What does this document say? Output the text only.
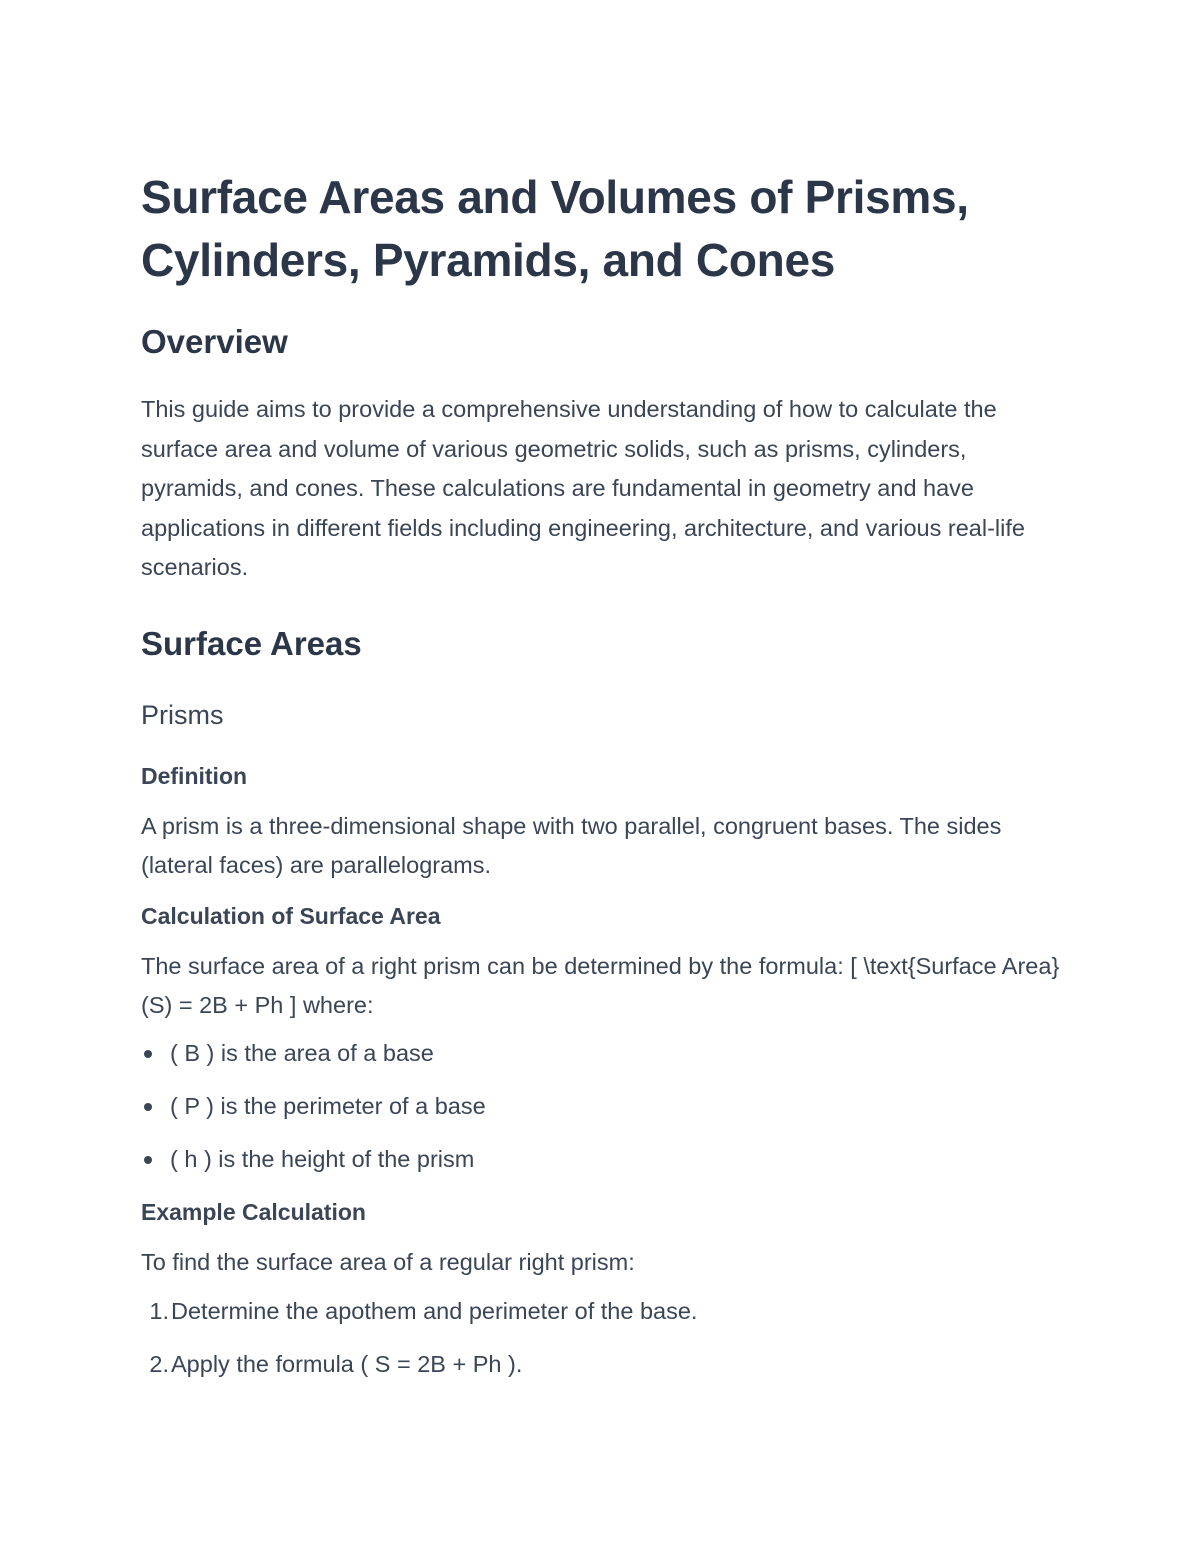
Surface Areas and Volumes of Prisms,
Cylinders, Pyramids, and Cones
Overview

This guide aims to provide a comprehensive understanding of how to calculate the surface area and volume of various geometric solids, such as prisms, cylinders, pyramids, and cones. These calculations are fundamental in geometry and have applications in different fields including engineering, architecture, and various real-life scenarios.

Surface Areas
Prisms
Definition

A prism is a three-dimensional shape with two parallel, congruent bases. The sides (lateral faces) are parallelograms.

Calculation of Surface Area

The surface area of a right prism can be determined by the formula: [ \text{Surface Area} (S) = 2B + Ph ] where:

( B ) is the area of a base
( P ) is the perimeter of a base
( h ) is the height of the prism
Example Calculation

To find the surface area of a regular right prism:

1. Determine the apothem and perimeter of the base.
2. Apply the formula ( S = 2B + Ph ).
